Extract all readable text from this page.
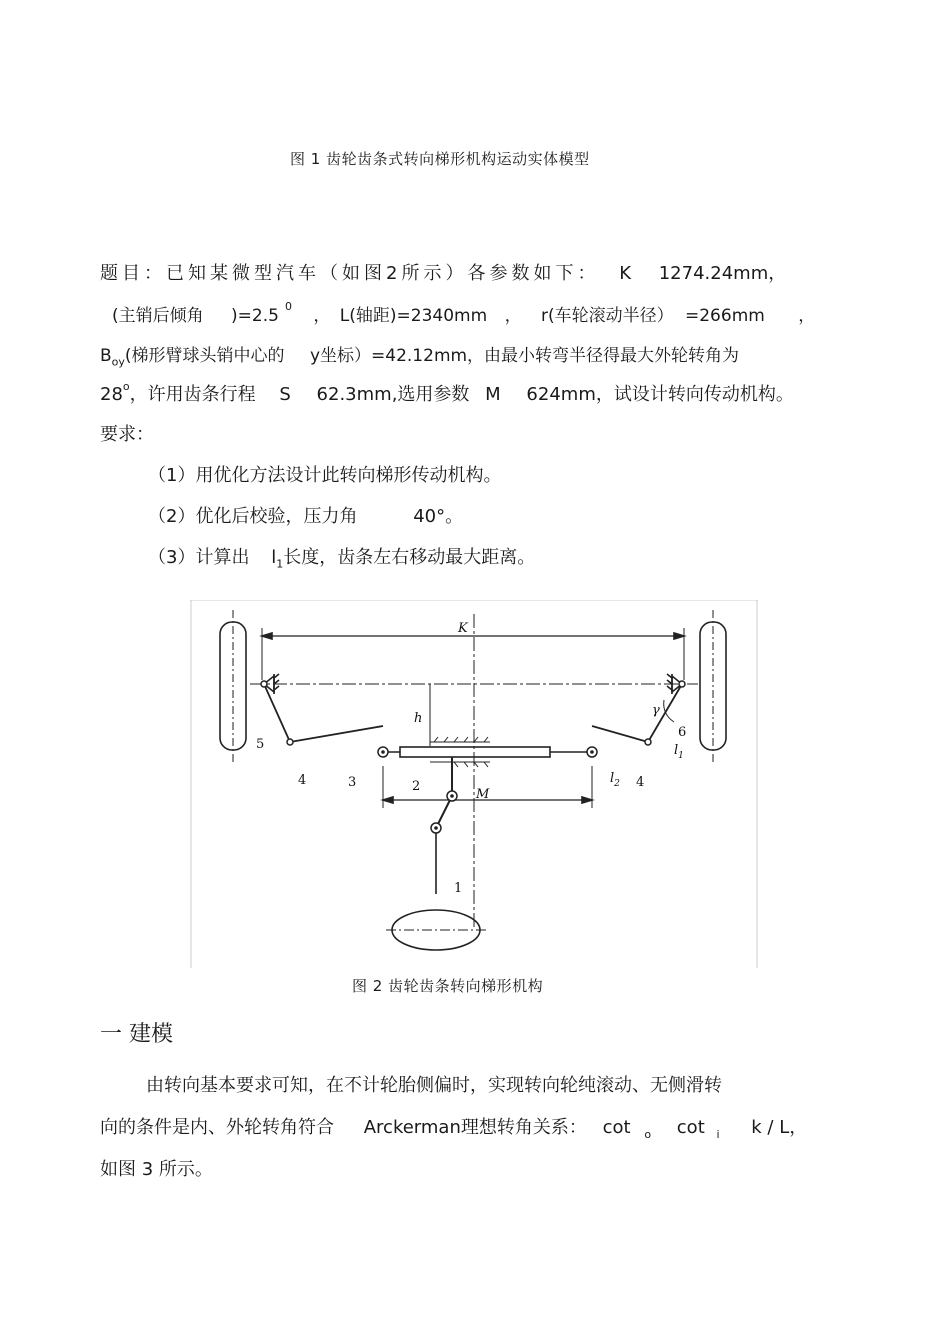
图 1 齿轮齿条式转向梯形机构运动实体模型
题目：已知某微型汽车（如图2所示）各参数如下： K 1274.24mm，
(主销后倾角 )=2.5 $^0$ ， L(轴距)=2340mm ， r(车轮滚动半径） =266mm ，
$B_{oy}$(梯形臂球头销中心的 y坐标）=42.12mm，由最小转弯半径得最大外轮转角为
28$^o$，许用齿条行程 S 62.3mm,选用参数 M 624mm，试设计转向传动机构。
要求：
（1）用优化方法设计此转向梯形传动机构。
（2）优化后校验，压力角	40°。
（3）计算出 $l_1$长度，齿条左右移动最大距离。
K
h
M
1
2
3
4	4
5
6
γ
$l_1$
$l_2$
图 2 齿轮齿条转向梯形机构
一 建模
由转向基本要求可知，在不计轮胎侧偏时，实现转向轮纯滚动、无侧滑转
向的条件是内、外轮转角符合 Arckerman理想转角关系： cot $_o$ cot $_i$ k / L，
如图 3 所示。
